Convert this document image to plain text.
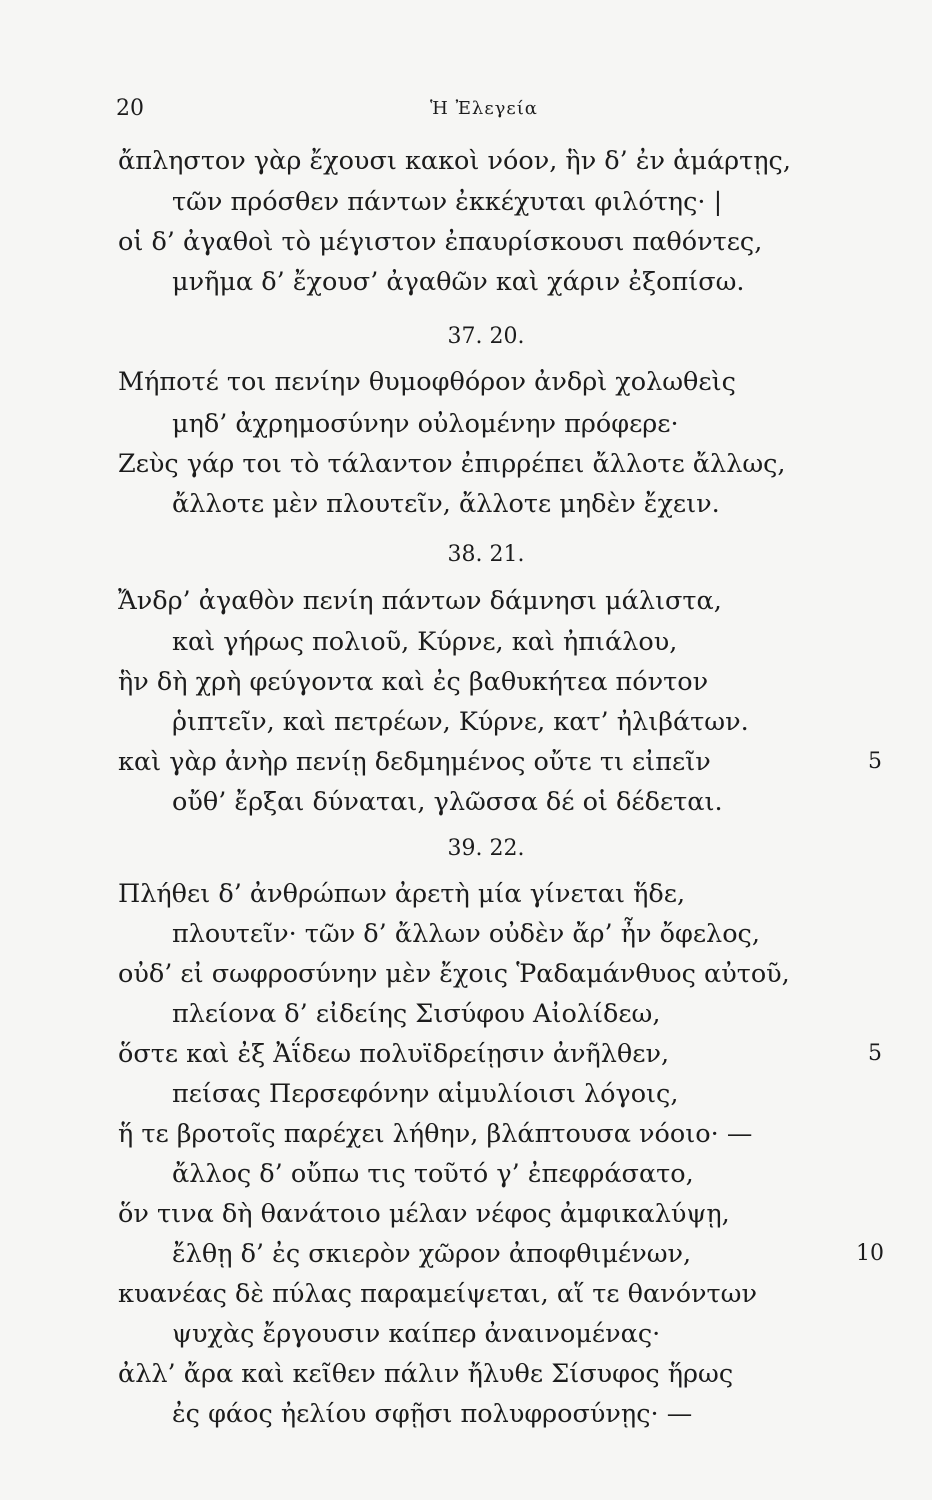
20	Ἡ Ἐλεγεία
ἄπληστον γὰρ ἔχουσι κακοὶ νόον, ἣν δ’ ἐν ἁμάρτῃς,
τῶν πρόσθεν πάντων ἐκκέχυται φιλότης· |
οἱ δ’ ἀγαθοὶ τὸ μέγιστον ἐπαυρίσκουσι παθόντες,
μνῆμα δ’ ἔχουσ’ ἀγαθῶν καὶ χάριν ἐξοπίσω.
37. 20.
Μήποτέ τοι πενίην θυμοφθόρον ἀνδρὶ χολωθεὶς
μηδ’ ἀχρημοσύνην οὐλομένην πρόφερε·
Ζεὺς γάρ τοι τὸ τάλαντον ἐπιρρέπει ἄλλοτε ἄλλως,
ἄλλοτε μὲν πλουτεῖν, ἄλλοτε μηδὲν ἔχειν.
38. 21.
Ἄνδρ’ ἀγαθὸν πενίη πάντων δάμνησι μάλιστα,
καὶ γήρως πολιοῦ, Κύρνε, καὶ ἠπιάλου,
ἣν δὴ χρὴ φεύγοντα καὶ ἐς βαθυκήτεα πόντον
ῥιπτεῖν, καὶ πετρέων, Κύρνε, κατ’ ἠλιβάτων.
καὶ γὰρ ἀνὴρ πενίῃ δεδμημένος οὔτε τι εἰπεῖν
οὔθ’ ἔρξαι δύναται, γλῶσσα δέ οἱ δέδεται.
5
39. 22.
Πλήθει δ’ ἀνθρώπων ἀρετὴ μία γίνεται ἥδε,
πλουτεῖν· τῶν δ’ ἄλλων οὐδὲν ἄρ’ ἦν ὄφελος,
οὐδ’ εἰ σωφροσύνην μὲν ἔχοις Ῥαδαμάνθυος αὐτοῦ,
πλείονα δ’ εἰδείης Σισύφου Αἰολίδεω,
ὅστε καὶ ἐξ Ἀΐδεω πολυϊδρείῃσιν ἀνῆλθεν,
πείσας Περσεφόνην αἱμυλίοισι λόγοις,
ἥ τε βροτοῖς παρέχει λήθην, βλάπτουσα νόοιο· —
ἄλλος δ’ οὔπω τις τοῦτό γ’ ἐπεφράσατο,
ὅν τινα δὴ θανάτοιο μέλαν νέφος ἀμφικαλύψῃ,
ἔλθῃ δ’ ἐς σκιερὸν χῶρον ἀποφθιμένων,
κυανέας δὲ πύλας παραμείψεται, αἵ τε θανόντων
ψυχὰς ἔργουσιν καίπερ ἀναινομένας·
ἀλλ’ ἄρα καὶ κεῖθεν πάλιν ἤλυθε Σίσυφος ἥρως
ἐς φάος ἠελίου σφῇσι πολυφροσύνῃς· —
5
10
